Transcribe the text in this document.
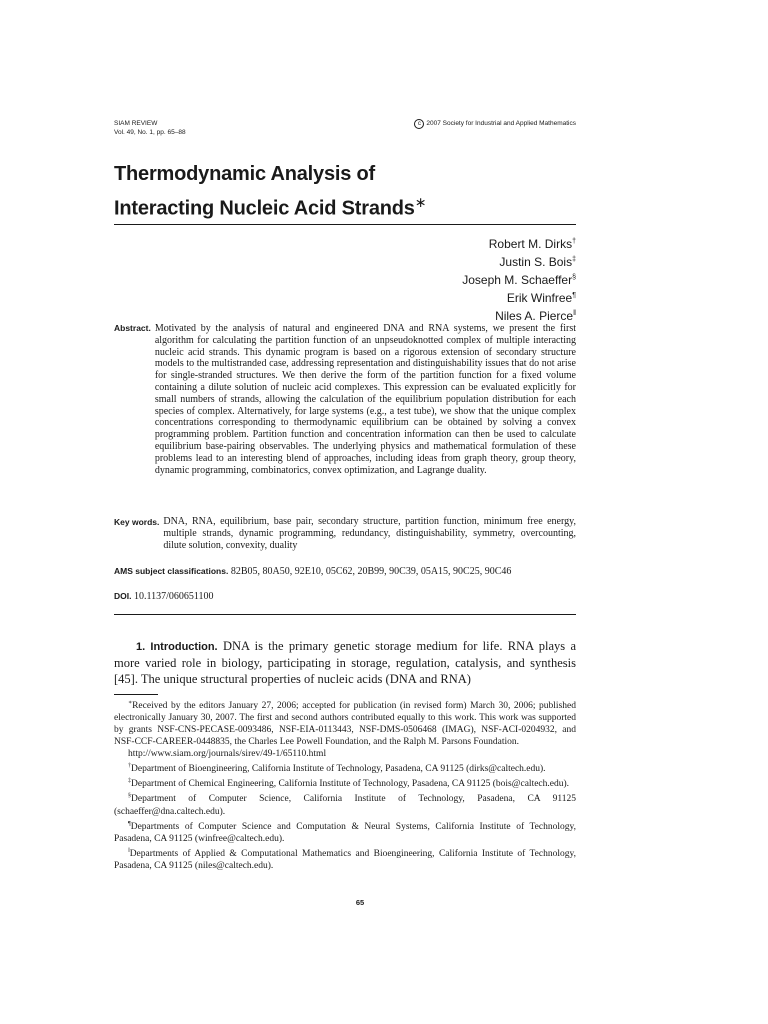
SIAM REVIEW
Vol. 49, No. 1, pp. 65–88
c 2007 Society for Industrial and Applied Mathematics
Thermodynamic Analysis of
Interacting Nucleic Acid Strands∗
Robert M. Dirks†
Justin S. Bois‡
Joseph M. Schaeffer§
Erik Winfree¶
Niles A. Pierce‖
Abstract. Motivated by the analysis of natural and engineered DNA and RNA systems, we present the first algorithm for calculating the partition function of an unpseudoknotted complex of multiple interacting nucleic acid strands. This dynamic program is based on a rigorous extension of secondary structure models to the multistranded case, addressing representation and distinguishability issues that do not arise for single-stranded structures. We then derive the form of the partition function for a fixed volume containing a dilute solution of nucleic acid complexes. This expression can be evaluated explicitly for small numbers of strands, allowing the calculation of the equilibrium population distribution for each species of complex. Alternatively, for large systems (e.g., a test tube), we show that the unique complex concentrations corresponding to thermodynamic equilibrium can be obtained by solving a convex programming problem. Partition function and concentration information can then be used to calculate equilibrium base-pairing observables. The underlying physics and mathematical formulation of these problems lead to an interesting blend of approaches, including ideas from graph theory, group theory, dynamic programming, combinatorics, convex optimization, and Lagrange duality.
Key words. DNA, RNA, equilibrium, base pair, secondary structure, partition function, minimum free energy, multiple strands, dynamic programming, redundancy, distinguishability, symmetry, overcounting, dilute solution, convexity, duality
AMS subject classifications. 82B05, 80A50, 92E10, 05C62, 20B99, 90C39, 05A15, 90C25, 90C46
DOI. 10.1137/060651100
1. Introduction. DNA is the primary genetic storage medium for life. RNA plays a more varied role in biology, participating in storage, regulation, catalysis, and synthesis [45]. The unique structural properties of nucleic acids (DNA and RNA)

∗Received by the editors January 27, 2006; accepted for publication (in revised form) March 30, 2006; published electronically January 30, 2007. The first and second authors contributed equally to this work. This work was supported by grants NSF-CNS-PECASE-0093486, NSF-EIA-0113443, NSF-DMS-0506468 (IMAG), NSF-ACI-0204932, and NSF-CCF-CAREER-0448835, the Charles Lee Powell Foundation, and the Ralph M. Parsons Foundation.

http://www.siam.org/journals/sirev/49-1/65110.html

†Department of Bioengineering, California Institute of Technology, Pasadena, CA 91125 (dirks@caltech.edu).

‡Department of Chemical Engineering, California Institute of Technology, Pasadena, CA 91125 (bois@caltech.edu).

§Department of Computer Science, California Institute of Technology, Pasadena, CA 91125 (schaeffer@dna.caltech.edu).

¶Departments of Computer Science and Computation & Neural Systems, California Institute of Technology, Pasadena, CA 91125 (winfree@caltech.edu).

‖Departments of Applied & Computational Mathematics and Bioengineering, California Institute of Technology, Pasadena, CA 91125 (niles@caltech.edu).

65
